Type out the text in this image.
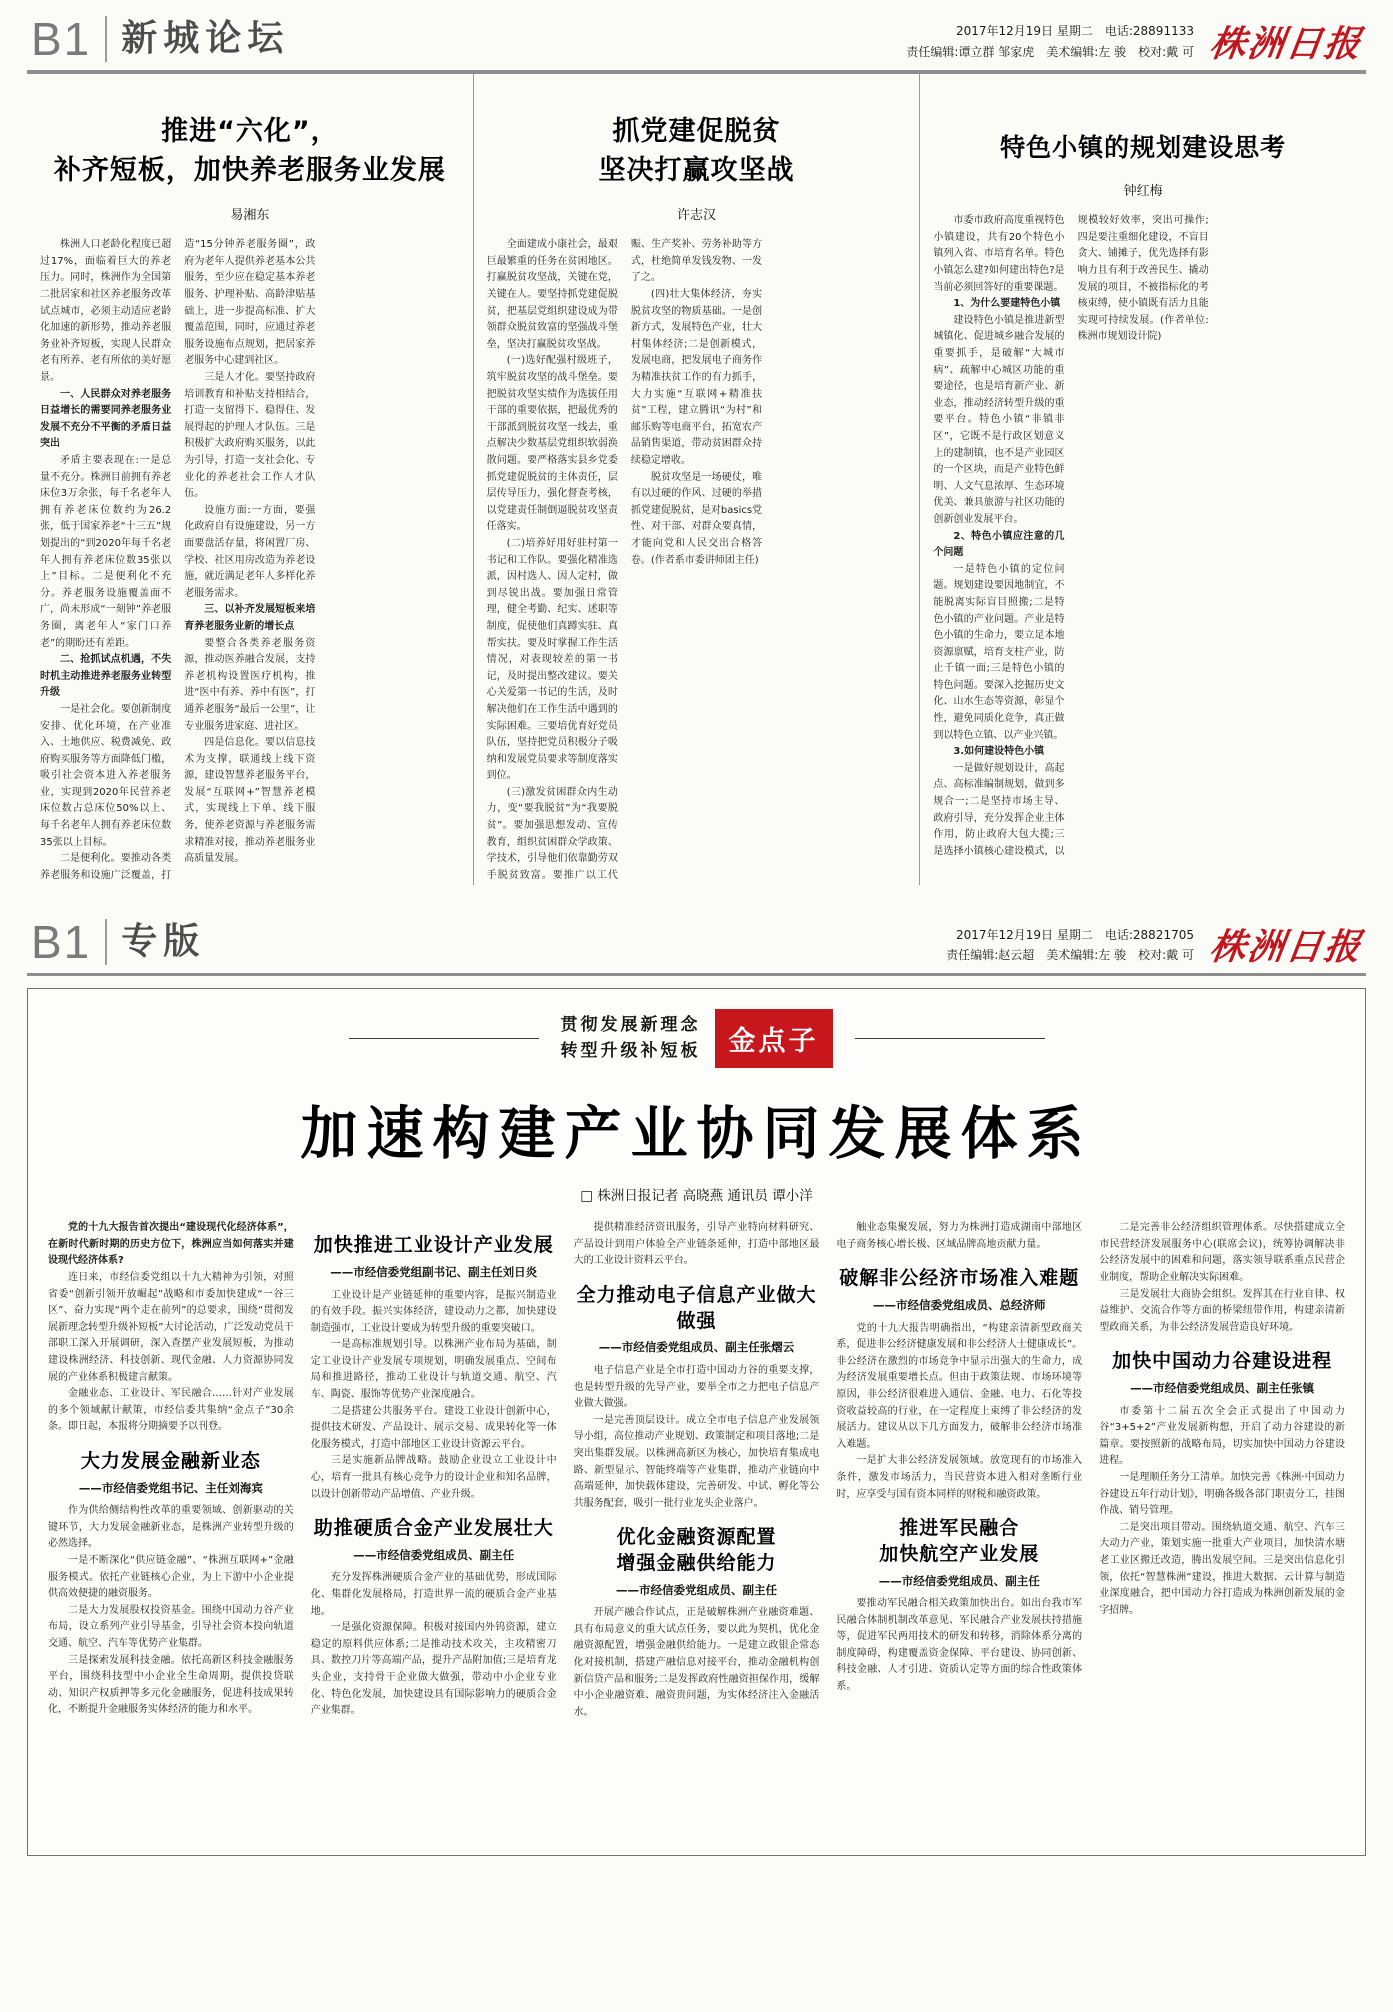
B1 新城论坛	2017年12月19日 星期二　电话:28891133
责任编辑:谭立群 邹家虎　美术编辑:左 骏　校对:戴 可 株洲日报
推进“六化”，
补齐短板，加快养老服务业发展
易湘东

株洲人口老龄化程度已超过17%，面临着巨大的养老压力。同时，株洲作为全国第二批居家和社区养老服务改革试点城市，必须主动适应老龄化加速的新形势，推动养老服务业补齐短板，实现人民群众老有所养、老有所依的美好愿景。

一、人民群众对养老服务日益增长的需要同养老服务业发展不充分不平衡的矛盾日益突出

矛盾主要表现在:一是总量不充分。株洲目前拥有养老床位3万余张，每千名老年人拥有养老床位数约为26.2张，低于国家养老“十三五”规划提出的“到2020年每千名老年人拥有养老床位数35张以上”目标。二是便利化不充分。养老服务设施覆盖面不广，尚未形成“一刻钟”养老服务圈，离老年人“家门口养老”的期盼还有差距。

二、抢抓试点机遇，不失时机主动推进养老服务业转型升级

一是社会化。要创新制度安排、优化环境，在产业准入、土地供应、税费减免、政府购买服务等方面降低门槛，吸引社会资本进入养老服务业，实现到2020年民营养老床位数占总床位50%以上、每千名老年人拥有养老床位数35张以上目标。

二是便利化。要推动各类养老服务和设施广泛覆盖，打造“15分钟养老服务圈”，政府为老年人提供养老基本公共服务，至少应在稳定基本养老服务、护理补贴、高龄津贴基础上，进一步提高标准、扩大覆盖范围，同时，应通过养老服务设施布点规划，把居家养老服务中心建到社区。

三是人才化。要坚持政府培训教育和补贴支持相结合，打造一支留得下、稳得住、发展得起的护理人才队伍。三是积极扩大政府购买服务，以此为引导，打造一支社会化、专业化的养老社会工作人才队伍。

设施方面:一方面，要强化政府自有设施建设，另一方面要盘活存量，将闲置厂房、学校、社区用房改造为养老设施，就近满足老年人多样化养老服务需求。

三、以补齐发展短板来培育养老服务业新的增长点

要整合各类养老服务资源，推动医养融合发展，支持养老机构设置医疗机构，推进“医中有养、养中有医”，打通养老服务“最后一公里”，让专业服务进家庭、进社区。

四是信息化。要以信息技术为支撑，联通线上线下资源，建设智慧养老服务平台，发展“互联网+”智慧养老模式，实现线上下单、线下服务，使养老资源与养老服务需求精准对接，推动养老服务业高质量发展。

抓党建促脱贫
坚决打赢攻坚战
许志汉

全面建成小康社会，最艰巨最繁重的任务在贫困地区。打赢脱贫攻坚战，关键在党，关键在人。要坚持抓党建促脱贫，把基层党组织建设成为带领群众脱贫致富的坚强战斗堡垒，坚决打赢脱贫攻坚战。

(一)选好配强村级班子，筑牢脱贫攻坚的战斗堡垒。要把脱贫攻坚实绩作为选拔任用干部的重要依据，把最优秀的干部派到脱贫攻坚一线去，重点解决少数基层党组织软弱涣散问题。要严格落实县乡党委抓党建促脱贫的主体责任，层层传导压力，强化督查考核，以党建责任制倒逼脱贫攻坚责任落实。

(二)培养好用好驻村第一书记和工作队。要强化精准选派，因村选人、因人定村，做到尽锐出战。要加强日常管理，健全考勤、纪实、述职等制度，促使他们真蹲实驻、真帮实扶。要及时掌握工作生活情况，对表现较差的第一书记，及时提出整改建议。要关心关爱第一书记的生活，及时解决他们在工作生活中遇到的实际困难。三要培优育好党员队伍，坚持把党员积极分子吸纳和发展党员要求等制度落实到位。

(三)激发贫困群众内生动力，变“要我脱贫”为“我要脱贫”。要加强思想发动、宣传教育，组织贫困群众学政策、学技术，引导他们依靠勤劳双手脱贫致富。要推广以工代赈、生产奖补、劳务补助等方式，杜绝简单发钱发物、一发了之。

(四)壮大集体经济，夯实脱贫攻坚的物质基础。一是创新方式，发展特色产业，壮大村集体经济;二是创新模式，发展电商，把发展电子商务作为精准扶贫工作的有力抓手，大力实施“互联网+精准扶贫”工程，建立腾讯“为村”和邮乐购等电商平台，拓宽农产品销售渠道，带动贫困群众持续稳定增收。

脱贫攻坚是一场硬仗，唯有以过硬的作风、过硬的举措抓党建促脱贫，是对basics党性、对干部、对群众要真情，才能向党和人民交出合格答卷。(作者系市委讲师团主任)

特色小镇的规划建设思考
钟红梅

市委市政府高度重视特色小镇建设，共有20个特色小镇列入省、市培育名单。特色小镇怎么建?如何建出特色?是当前必须回答好的重要课题。

1、为什么要建特色小镇

建设特色小镇是推进新型城镇化、促进城乡融合发展的重要抓手，是破解“大城市病”、疏解中心城区功能的重要途径，也是培育新产业、新业态，推动经济转型升级的重要平台。特色小镇“非镇非区”，它既不是行政区划意义上的建制镇，也不是产业园区的一个区块，而是产业特色鲜明、人文气息浓厚、生态环境优美、兼具旅游与社区功能的创新创业发展平台。

2、特色小镇应注意的几个问题

一是特色小镇的定位问题。规划建设要因地制宜，不能脱离实际盲目照搬;二是特色小镇的产业问题。产业是特色小镇的生命力，要立足本地资源禀赋，培育支柱产业，防止千镇一面;三是特色小镇的特色问题。要深入挖掘历史文化、山水生态等资源，彰显个性，避免同质化竞争，真正做到以特色立镇、以产业兴镇。

3.如何建设特色小镇

一是做好规划设计，高起点、高标准编制规划，做到多规合一;二是坚持市场主导、政府引导，充分发挥企业主体作用，防止政府大包大揽;三是选择小镇核心建设模式，以规模较好效率，突出可操作;四是要注重细化建设，不盲目贪大、铺摊子，优先选择有影响力且有利于改善民生、撬动发展的项目，不被指标化的考核束缚，使小镇既有活力且能实现可持续发展。(作者单位:株洲市规划设计院)

B1 专版	2017年12月19日 星期二　电话:28821705
责任编辑:赵云超　美术编辑:左 骏　校对:戴 可 株洲日报
贯彻发展新理念
转型升级补短板	金点子
加速构建产业协同发展体系
□ 株洲日报记者 高晓燕 通讯员 谭小洋

党的十九大报告首次提出“建设现代化经济体系”，在新时代新时期的历史方位下，株洲应当如何落实并建设现代经济体系?

连日来，市经信委党组以十九大精神为引领，对照省委“创新引领开放崛起”战略和市委加快建成“一谷三区”、奋力实现“两个走在前列”的总要求，围绕“贯彻发展新理念转型升级补短板”大讨论活动，广泛发动党员干部职工深入开展调研，深入查摆产业发展短板，为推动建设株洲经济、科技创新、现代金融、人力资源协同发展的产业体系积极建言献策。

金融业态、工业设计、军民融合……针对产业发展的多个领域献计献策，市经信委共集纳“金点子”30余条。即日起，本报将分期摘要予以刊登。

大力发展金融新业态
——市经信委党组书记、主任刘海宾

作为供给侧结构性改革的重要领域、创新驱动的关键环节，大力发展金融新业态，是株洲产业转型升级的必然选择。

一是不断深化“供应链金融”、“株洲互联网+”金融服务模式。依托产业链核心企业，为上下游中小企业提供高效便捷的融资服务。

二是大力发展股权投资基金。围绕中国动力谷产业布局，设立系列产业引导基金，引导社会资本投向轨道交通、航空、汽车等优势产业集群。

三是探索发展科技金融。依托高新区科技金融服务平台，围绕科技型中小企业全生命周期，提供投贷联动、知识产权质押等多元化金融服务，促进科技成果转化，不断提升金融服务实体经济的能力和水平。

加快推进工业设计产业发展
——市经信委党组副书记、副主任刘日炎

工业设计是产业链延伸的重要内容，是振兴制造业的有效手段。振兴实体经济，建设动力之都，加快建设制造强市，工业设计要成为转型升级的重要突破口。

一是高标准规划引导。以株洲产业布局为基础，制定工业设计产业发展专项规划，明确发展重点、空间布局和推进路径，推动工业设计与轨道交通、航空、汽车、陶瓷、服饰等优势产业深度融合。

二是搭建公共服务平台。建设工业设计创新中心，提供技术研发、产品设计、展示交易、成果转化等一体化服务模式，打造中部地区工业设计资源云平台。

三是实施新品牌战略。鼓励企业设立工业设计中心，培育一批具有核心竞争力的设计企业和知名品牌，以设计创新带动产品增值、产业升级。

助推硬质合金产业发展壮大
——市经信委党组成员、副主任

充分发挥株洲硬质合金产业的基础优势，形成国际化、集群化发展格局，打造世界一流的硬质合金产业基地。

一是强化资源保障。积极对接国内外钨资源，建立稳定的原料供应体系;二是推动技术攻关，主攻精密刀具、数控刀片等高端产品，提升产品附加值;三是培育龙头企业，支持骨干企业做大做强，带动中小企业专业化、特色化发展，加快建设具有国际影响力的硬质合金产业集群。

提供精准经济资讯服务，引导产业特向材料研究、产品设计到用户体验全产业链条延伸，打造中部地区最大的工业设计资料云平台。

全力推动电子信息产业做大做强
——市经信委党组成员、副主任张熠云

电子信息产业是全市打造中国动力谷的重要支撑，也是转型升级的先导产业，要举全市之力把电子信息产业做大做强。

一是完善顶层设计。成立全市电子信息产业发展领导小组，高位推动产业规划、政策制定和项目落地;二是突出集群发展。以株洲高新区为核心，加快培育集成电路、新型显示、智能终端等产业集群，推动产业链向中高端延伸，加快载体建设，完善研发、中试、孵化等公共服务配套，吸引一批行业龙头企业落户。

优化金融资源配置
增强金融供给能力
——市经信委党组成员、副主任

开展产融合作试点，正是破解株洲产业融资难题、具有布局意义的重大试点任务，要以此为契机，优化金融资源配置，增强金融供给能力。一是建立政银企常态化对接机制，搭建产融信息对接平台，推动金融机构创新信贷产品和服务;二是发挥政府性融资担保作用，缓解中小企业融资难、融资贵问题，为实体经济注入金融活水。

触业态集聚发展，努力为株洲打造成湖南中部地区电子商务核心增长极、区域品牌高地贡献力量。

破解非公经济市场准入难题
——市经信委党组成员、总经济师

党的十九大报告明确指出，“构建亲清新型政商关系，促进非公经济健康发展和非公经济人士健康成长”。非公经济在激烈的市场竞争中显示出强大的生命力，成为经济发展重要增长点。但由于政策法规、市场环境等原因，非公经济很难进入通信、金融、电力、石化等投资收益较高的行业，在一定程度上束缚了非公经济的发展活力。建议从以下几方面发力，破解非公经济市场准入难题。

一是扩大非公经济发展领域。放宽现有的市场准入条件，激发市场活力，当民营资本进入相对垄断行业时，应享受与国有资本同样的财税和融资政策。

推进军民融合
加快航空产业发展
——市经信委党组成员、副主任

要推动军民融合相关政策加快出台。如出台我市军民融合体制机制改革意见、军民融合产业发展扶持措施等，促进军民两用技术的研发和转移，消除体系分离的制度障碍，构建覆盖资金保障、平台建设、协同创新、科技金融、人才引进、资质认定等方面的综合性政策体系。

二是完善非公经济组织管理体系。尽快搭建成立全市民营经济发展服务中心(联席会议)，统筹协调解决非公经济发展中的困难和问题，落实领导联系重点民营企业制度，帮助企业解决实际困难。

三是发展壮大商协会组织。发挥其在行业自律、权益维护、交流合作等方面的桥梁纽带作用，构建亲清新型政商关系，为非公经济发展营造良好环境。

加快中国动力谷建设进程
——市经信委党组成员、副主任张镇

市委第十二届五次全会正式提出了中国动力谷“3+5+2”产业发展新构想，开启了动力谷建设的新篇章。要按照新的战略布局，切实加快中国动力谷建设进程。

一是理顺任务分工清单。加快完善《株洲·中国动力谷建设五年行动计划》，明确各级各部门职责分工，挂图作战、销号管理。

二是突出项目带动。围绕轨道交通、航空、汽车三大动力产业，策划实施一批重大产业项目，加快清水塘老工业区搬迁改造，腾出发展空间。三是突出信息化引领，依托“智慧株洲”建设，推进大数据、云计算与制造业深度融合，把中国动力谷打造成为株洲创新发展的金字招牌。
